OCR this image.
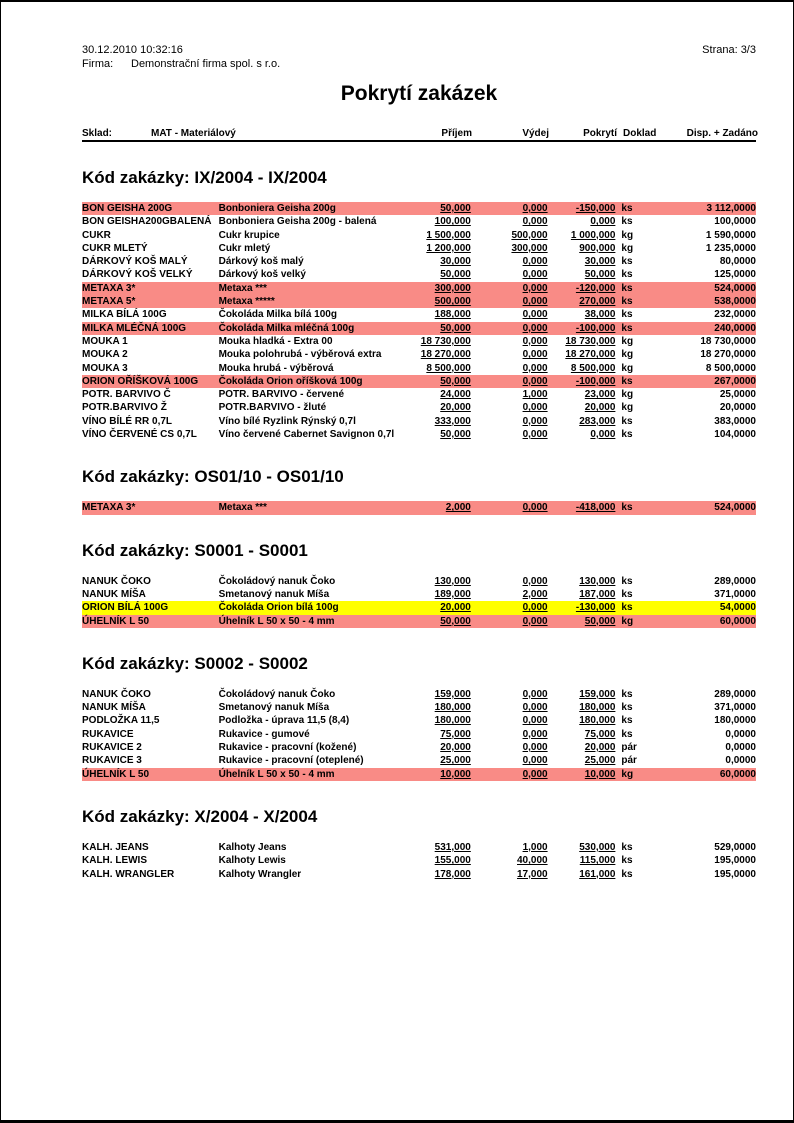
30.12.2010 10:32:16
Firma: Demonstrační firma spol. s r.o.
Strana: 3/3
Pokrytí zakázek
Sklad:	MAT - Materiálový	Příjem	Výdej	Pokrytí Doklad	Disp. + Zadáno
Kód zakázky: IX/2004 - IX/2004
BON GEISHA 200G	Bonboniera Geisha 200g	50,000	0,000	-150,000 ks	3 112,0000
BON GEISHA200GBALENÁ Bonboniera Geisha 200g - balená	100,000	0,000	0,000 ks	100,0000
CUKR	Cukr krupice	1 500,000	500,000	1 000,000 kg	1 590,0000
CUKR MLETÝ	Cukr mletý	1 200,000	300,000	900,000 kg	1 235,0000
DÁRKOVÝ KOŠ MALÝ	Dárkový koš malý	30,000	0,000	30,000 ks	80,0000
DÁRKOVÝ KOŠ VELKÝ	Dárkový koš velký	50,000	0,000	50,000 ks	125,0000
METAXA 3*	Metaxa ***	300,000	0,000	-120,000 ks	524,0000
METAXA 5*	Metaxa *****	500,000	0,000	270,000 ks	538,0000
MILKA BÍLÁ 100G	Čokoláda Milka bílá 100g	188,000	0,000	38,000 ks	232,0000
MILKA MLÉČNÁ 100G	Čokoláda Milka mléčná 100g	50,000	0,000	-100,000 ks	240,0000
MOUKA 1	Mouka hladká - Extra 00	18 730,000	0,000	18 730,000 kg	18 730,0000
MOUKA 2	Mouka polohrubá - výběrová extra	18 270,000	0,000	18 270,000 kg	18 270,0000
MOUKA 3	Mouka hrubá - výběrová	8 500,000	0,000	8 500,000 kg	8 500,0000
ORION OŘÍŠKOVÁ 100G	Čokoláda Orion oříšková 100g	50,000	0,000	-100,000 ks	267,0000
POTR. BARVIVO Č	POTR. BARVIVO - červené	24,000	1,000	23,000 kg	25,0000
POTR.BARVIVO Ž	POTR.BARVIVO - žluté	20,000	0,000	20,000 kg	20,0000
VÍNO BÍLÉ RR 0,7L	Víno bílé Ryzlink Rýnský 0,7l	333,000	0,000	283,000 ks	383,0000
VÍNO ČERVENÉ CS 0,7L	Víno červené Cabernet Savignon 0,7l	50,000	0,000	0,000 ks	104,0000
Kód zakázky: OS01/10 - OS01/10
METAXA 3*	Metaxa ***	2,000	0,000	-418,000 ks	524,0000
Kód zakázky: S0001 - S0001
NANUK ČOKO	Čokoládový nanuk Čoko	130,000	0,000	130,000 ks	289,0000
NANUK MÍŠA	Smetanový nanuk Míša	189,000	2,000	187,000 ks	371,0000
ORION BÍLÁ 100G	Čokoláda Orion bílá 100g	20,000	0,000	-130,000 ks	54,0000
ÚHELNÍK L 50	Úhelník L 50 x 50 - 4 mm	50,000	0,000	50,000 kg	60,0000
Kód zakázky: S0002 - S0002
NANUK ČOKO	Čokoládový nanuk Čoko	159,000	0,000	159,000 ks	289,0000
NANUK MÍŠA	Smetanový nanuk Míša	180,000	0,000	180,000 ks	371,0000
PODLOŽKA 11,5	Podložka - úprava 11,5 (8,4)	180,000	0,000	180,000 ks	180,0000
RUKAVICE	Rukavice - gumové	75,000	0,000	75,000 ks	0,0000
RUKAVICE 2	Rukavice - pracovní (kožené)	20,000	0,000	20,000 pár	0,0000
RUKAVICE 3	Rukavice - pracovní (oteplené)	25,000	0,000	25,000 pár	0,0000
ÚHELNÍK L 50	Úhelník L 50 x 50 - 4 mm	10,000	0,000	10,000 kg	60,0000
Kód zakázky: X/2004 - X/2004
KALH. JEANS	Kalhoty Jeans	531,000	1,000	530,000 ks	529,0000
KALH. LEWIS	Kalhoty Lewis	155,000	40,000	115,000 ks	195,0000
KALH. WRANGLER	Kalhoty Wrangler	178,000	17,000	161,000 ks	195,0000
